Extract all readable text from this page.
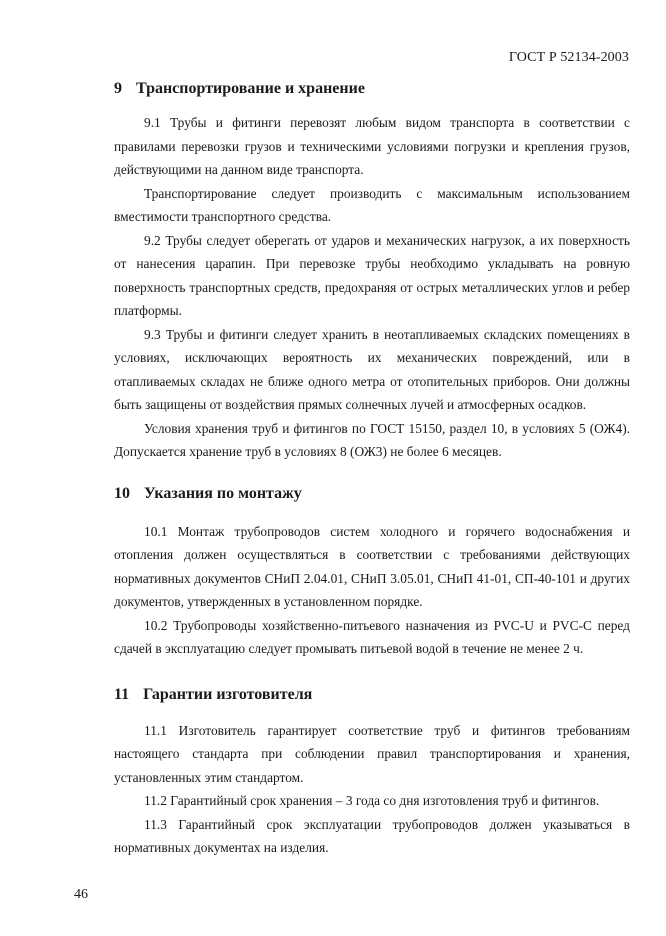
ГОСТ Р 52134-2003
9 Транспортирование и хранение

9.1 Трубы и фитинги перевозят любым видом транспорта в соответствии с правилами перевозки грузов и техническими условиями погрузки и крепления грузов, действующими на данном виде транспорта.

Транспортирование следует производить с максимальным использованием вместимости транспортного средства.

9.2 Трубы следует оберегать от ударов и механических нагрузок, а их поверхность от нанесения царапин. При перевозке трубы необходимо укладывать на ровную поверхность транспортных средств, предохраняя от острых металлических углов и ребер платформы.

9.3 Трубы и фитинги следует хранить в неотапливаемых складских помещениях в условиях, исключающих вероятность их механических повреждений, или в отапливаемых складах не ближе одного метра от отопительных приборов. Они должны быть защищены от воздействия прямых солнечных лучей и атмосферных осадков.

Условия хранения труб и фитингов по ГОСТ 15150, раздел 10, в условиях 5 (ОЖ4). Допускается хранение труб в условиях 8 (ОЖ3) не более 6 месяцев.

10 Указания по монтажу

10.1 Монтаж трубопроводов систем холодного и горячего водоснабжения и отопления должен осуществляться в соответствии с требованиями действующих нормативных документов СНиП 2.04.01, СНиП 3.05.01, СНиП 41-01, СП-40-101 и других документов, утвержденных в установленном порядке.

10.2 Трубопроводы хозяйственно-питьевого назначения из PVC-U и PVC-C перед сдачей в эксплуатацию следует промывать питьевой водой в течение не менее 2 ч.

11 Гарантии изготовителя

11.1 Изготовитель гарантирует соответствие труб и фитингов требованиям настоящего стандарта при соблюдении правил транспортирования и хранения, установленных этим стандартом.

11.2 Гарантийный срок хранения – 3 года со дня изготовления труб и фитингов.

11.3 Гарантийный срок эксплуатации трубопроводов должен указываться в нормативных документах на изделия.

46
